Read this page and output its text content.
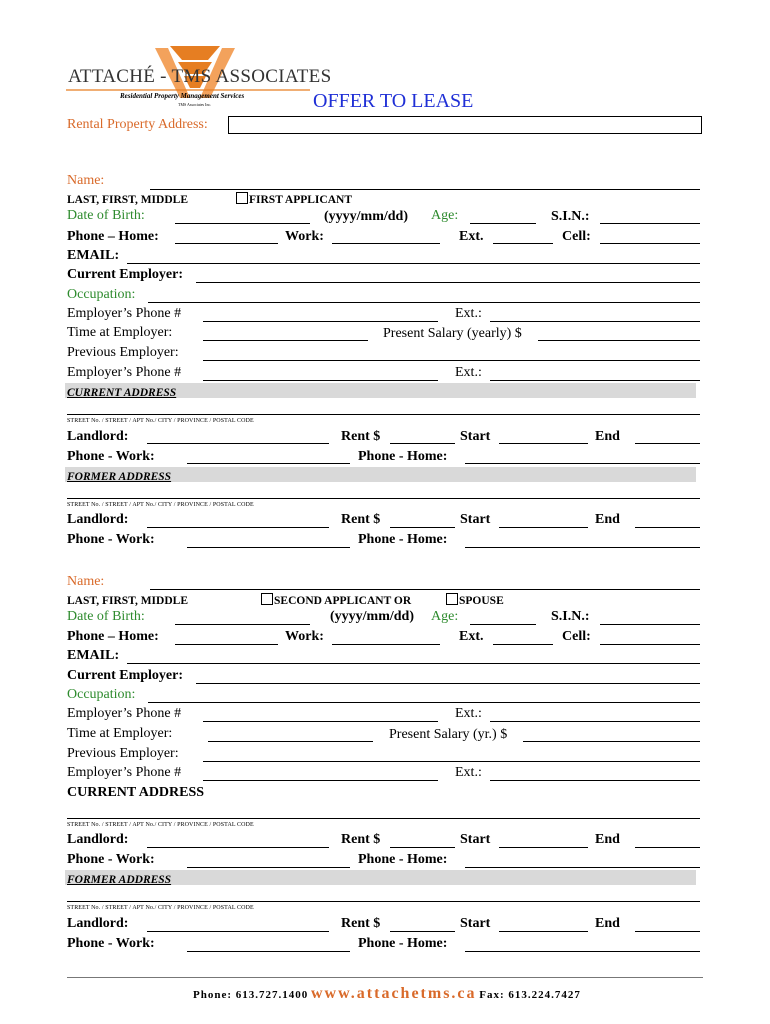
ATTACHÉ - TMS ASSOCIATES
Residential Property Management Services
TMS Associates Inc.	OFFER TO LEASE
Rental Property Address:
Name:
LAST, FIRST, MIDDLE	FIRST APPLICANT
Date of Birth:	(yyyy/mm/dd) Age:	S.I.N.:
Phone – Home:	Work:	Ext.	Cell:
EMAIL:
Current Employer:
Occupation:
Employer’s Phone #	Ext.:
Time at Employer:	Present Salary (yearly) $
Previous Employer:
Employer’s Phone #	Ext.:
CURRENT ADDRESS
STREET No. / STREET / APT No./ CITY / PROVINCE / POSTAL CODE
Landlord:	Rent $	Start	End
Phone - Work:	Phone - Home:
FORMER ADDRESS
STREET No. / STREET / APT No./ CITY / PROVINCE / POSTAL CODE
Landlord:	Rent $	Start	End
Phone - Work:	Phone - Home:
Name:
LAST, FIRST, MIDDLE	SECOND APPLICANT OR	SPOUSE
Date of Birth:	(yyyy/mm/dd) Age:	S.I.N.:
Phone – Home:	Work:	Ext.	Cell:
EMAIL:
Current Employer:
Occupation:
Employer’s Phone #	Ext.:
Time at Employer:	Present Salary (yr.) $
Previous Employer:
Employer’s Phone #	Ext.:
CURRENT ADDRESS
STREET No. / STREET / APT No./ CITY / PROVINCE / POSTAL CODE
Landlord:	Rent $	Start	End
Phone - Work:	Phone - Home:
FORMER ADDRESS
STREET No. / STREET / APT No./ CITY / PROVINCE / POSTAL CODE
Landlord:	Rent $	Start	End
Phone - Work:	Phone - Home:
Phone: 613.727.1400 www.attachetms.ca Fax: 613.224.7427
